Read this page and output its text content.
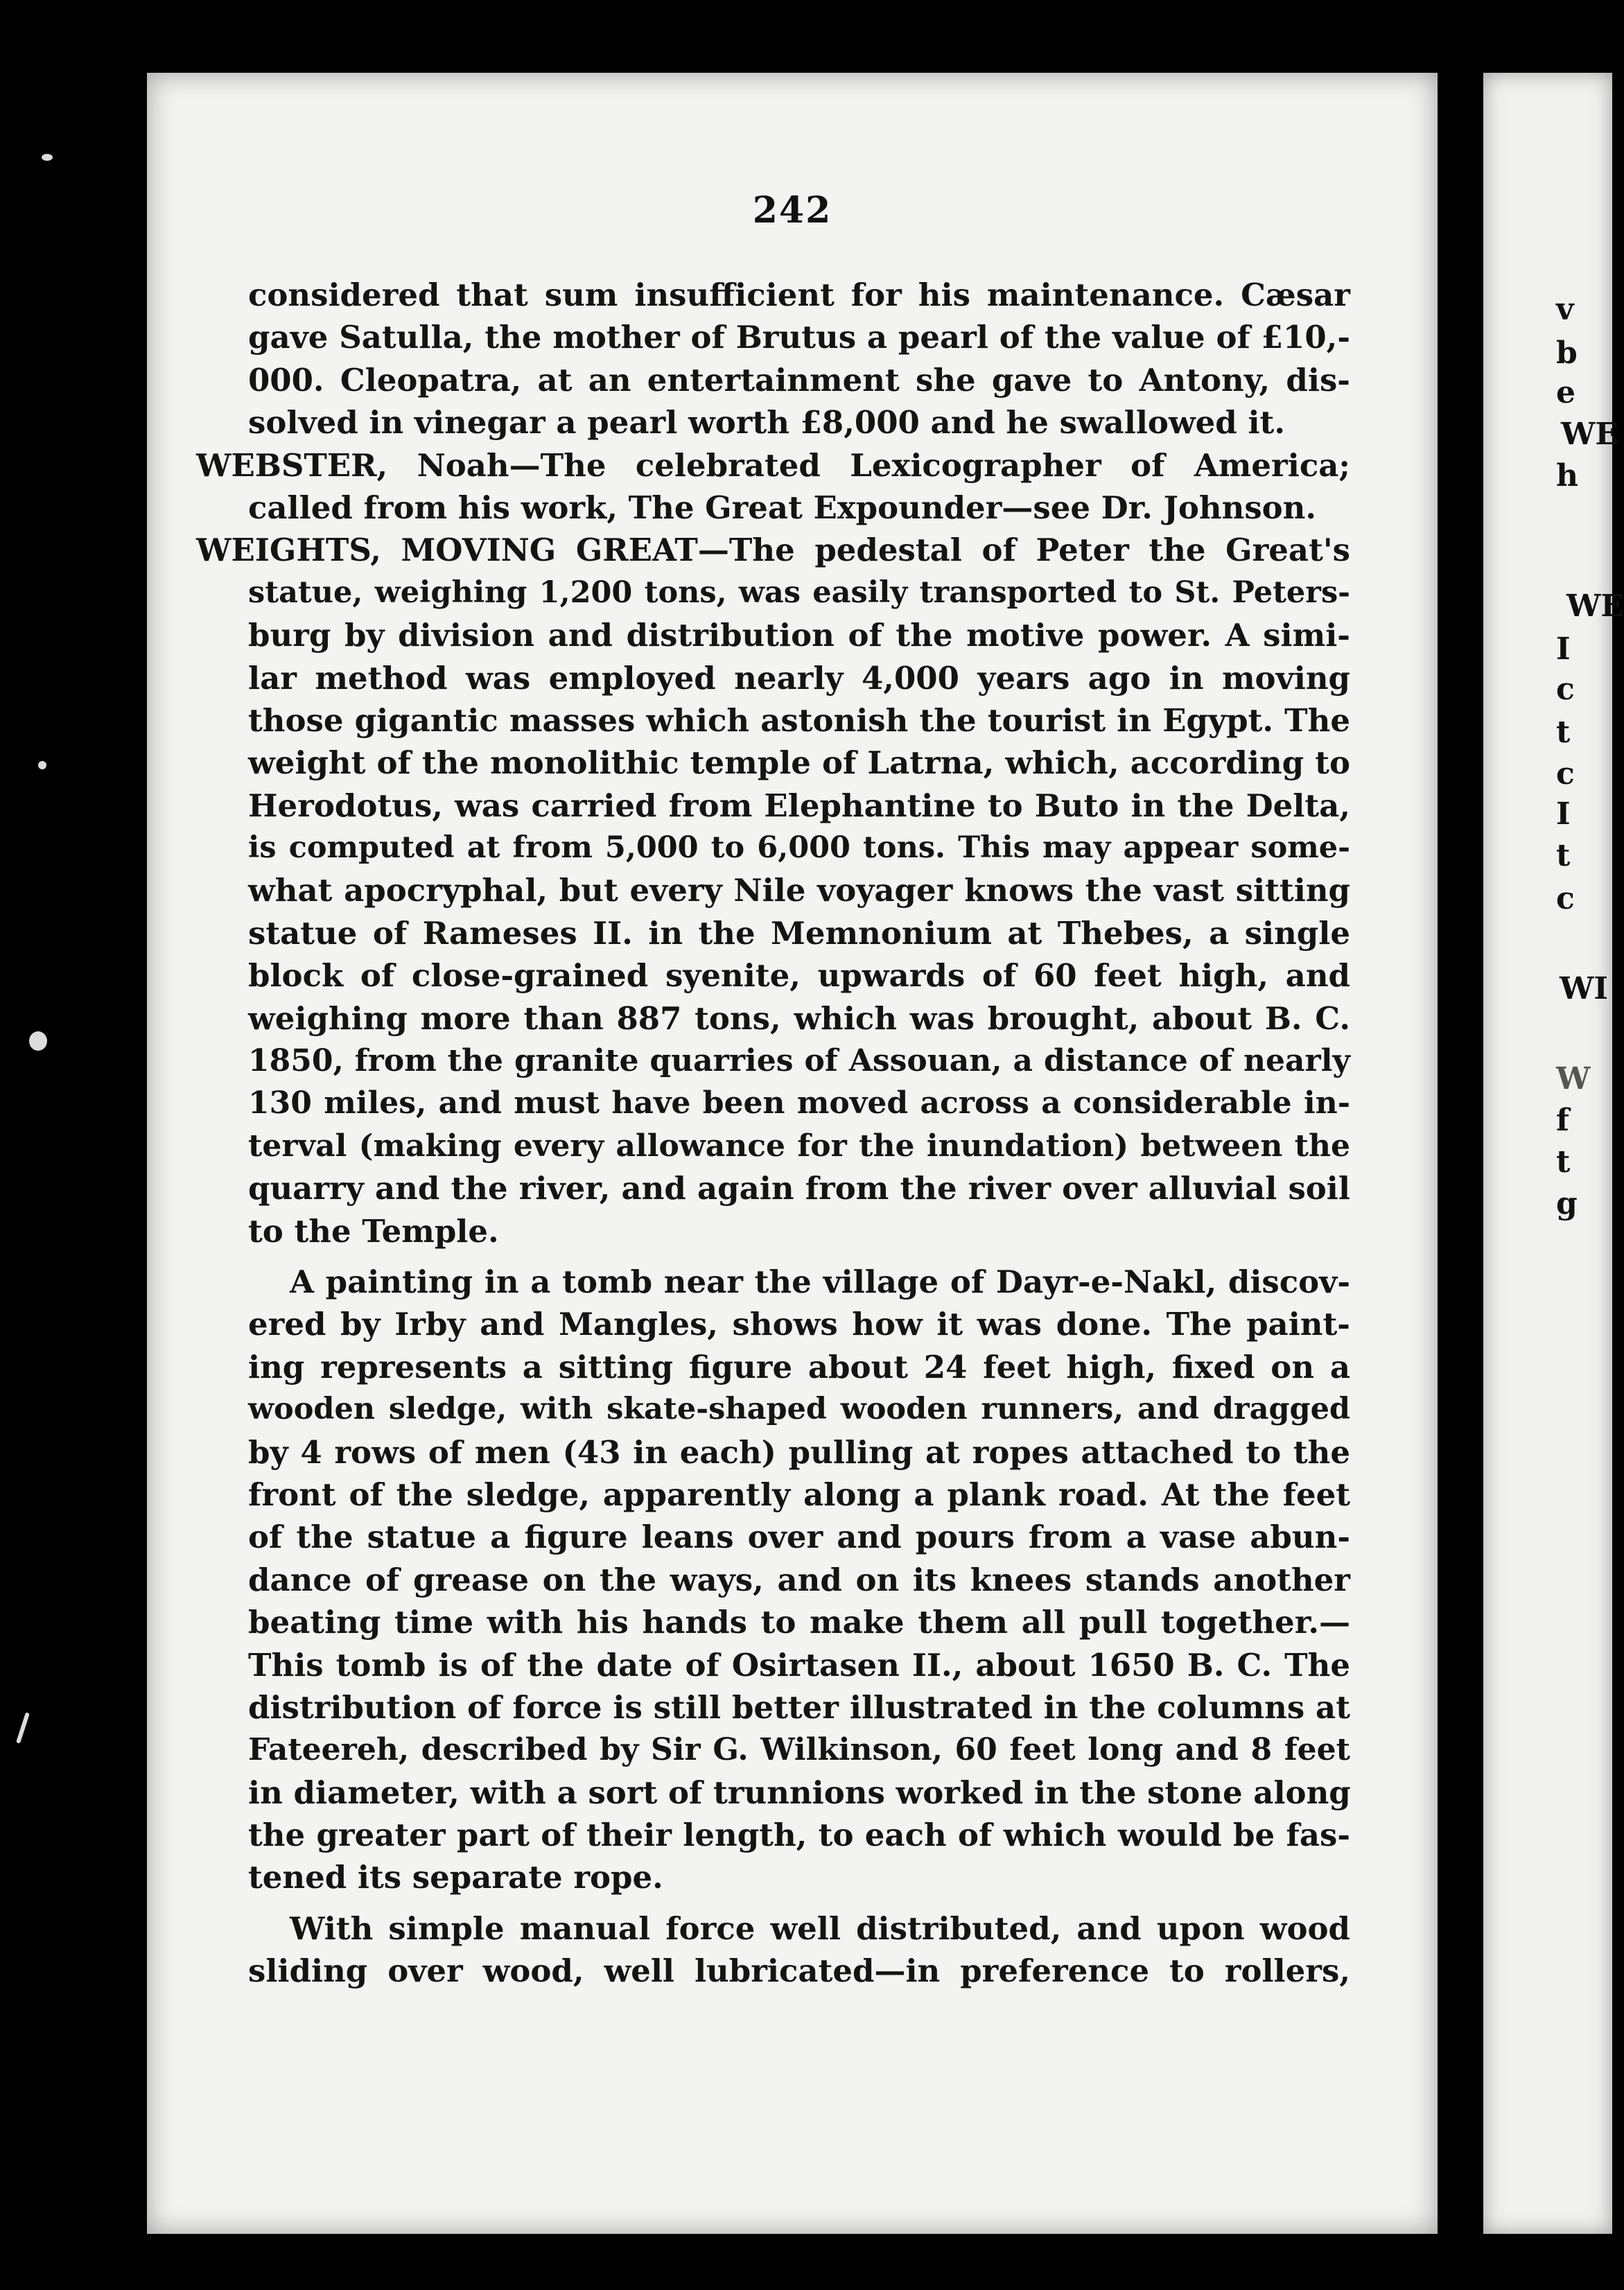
242
v
b
e
WE
h
WE
I
c
t
c
I
t
c
WI
W
f
t
g
considered that sum insufficient for his maintenance. Cæsar
gave Satulla, the mother of Brutus a pearl of the value of £10,-
000. Cleopatra, at an entertainment she gave to Antony, dis-
solved in vinegar a pearl worth £8,000 and he swallowed it.
WEBSTER, Noah—The celebrated Lexicographer of America;
called from his work, The Great Expounder—see Dr. Johnson.
WEIGHTS, MOVING GREAT—The pedestal of Peter the Great's
statue, weighing 1,200 tons, was easily transported to St. Peters-
burg by division and distribution of the motive power. A simi-
lar method was employed nearly 4,000 years ago in moving
those gigantic masses which astonish the tourist in Egypt. The
weight of the monolithic temple of Latrna, which, according to
Herodotus, was carried from Elephantine to Buto in the Delta,
is computed at from 5,000 to 6,000 tons. This may appear some-
what apocryphal, but every Nile voyager knows the vast sitting
statue of Rameses II. in the Memnonium at Thebes, a single
block of close-grained syenite, upwards of 60 feet high, and
weighing more than 887 tons, which was brought, about B. C.
1850, from the granite quarries of Assouan, a distance of nearly
130 miles, and must have been moved across a considerable in-
terval (making every allowance for the inundation) between the
quarry and the river, and again from the river over alluvial soil
to the Temple.
A painting in a tomb near the village of Dayr-e-Nakl, discov-
ered by Irby and Mangles, shows how it was done. The paint-
ing represents a sitting figure about 24 feet high, fixed on a
wooden sledge, with skate-shaped wooden runners, and dragged
by 4 rows of men (43 in each) pulling at ropes attached to the
front of the sledge, apparently along a plank road. At the feet
of the statue a figure leans over and pours from a vase abun-
dance of grease on the ways, and on its knees stands another
beating time with his hands to make them all pull together.—
This tomb is of the date of Osirtasen II., about 1650 B. C. The
distribution of force is still better illustrated in the columns at
Fateereh, described by Sir G. Wilkinson, 60 feet long and 8 feet
in diameter, with a sort of trunnions worked in the stone along
the greater part of their length, to each of which would be fas-
tened its separate rope.
With simple manual force well distributed, and upon wood
sliding over wood, well lubricated—in preference to rollers,
